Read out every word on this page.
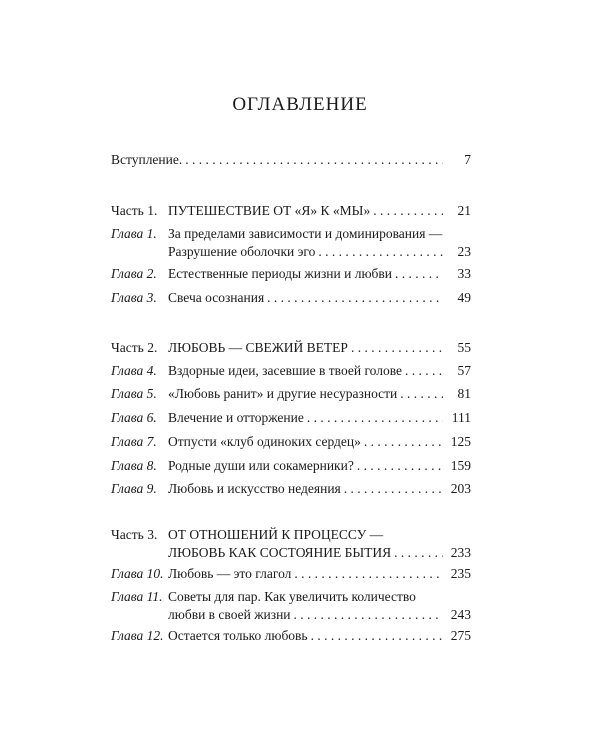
ОГЛАВЛЕНИЕ
Вступление. . . .	7
Часть 1. ПУТЕШЕСТВИЕ ОТ «Я» К «МЫ» . . .	21
Глава 1. За пределами зависимости и доминирования —
Разрушение оболочки эго . . .	23
Глава 2. Естественные периоды жизни и любви . . .	33
Глава 3. Свеча осознания . . .	49
Часть 2. ЛЮБОВЬ — СВЕЖИЙ ВЕТЕР . . .	55
Глава 4. Вздорные идеи, засевшие в твоей голове . . .	57
Глава 5. «Любовь ранит» и другие несуразности . . .	81
Глава 6. Влечение и отторжение . . .	111
Глава 7. Отпусти «клуб одиноких сердец» . . .	125
Глава 8. Родные души или сокамерники? . . .	159
Глава 9. Любовь и искусство недеяния . . .	203
Часть 3. ОТ ОТНОШЕНИЙ К ПРОЦЕССУ —
ЛЮБОВЬ КАК СОСТОЯНИЕ БЫТИЯ . . .	233
Глава 10. Любовь — это глагол . . .	235
Глава 11. Советы для пар. Как увеличить количество
любви в своей жизни . . .	243
Глава 12. Остается только любовь . . .	275
